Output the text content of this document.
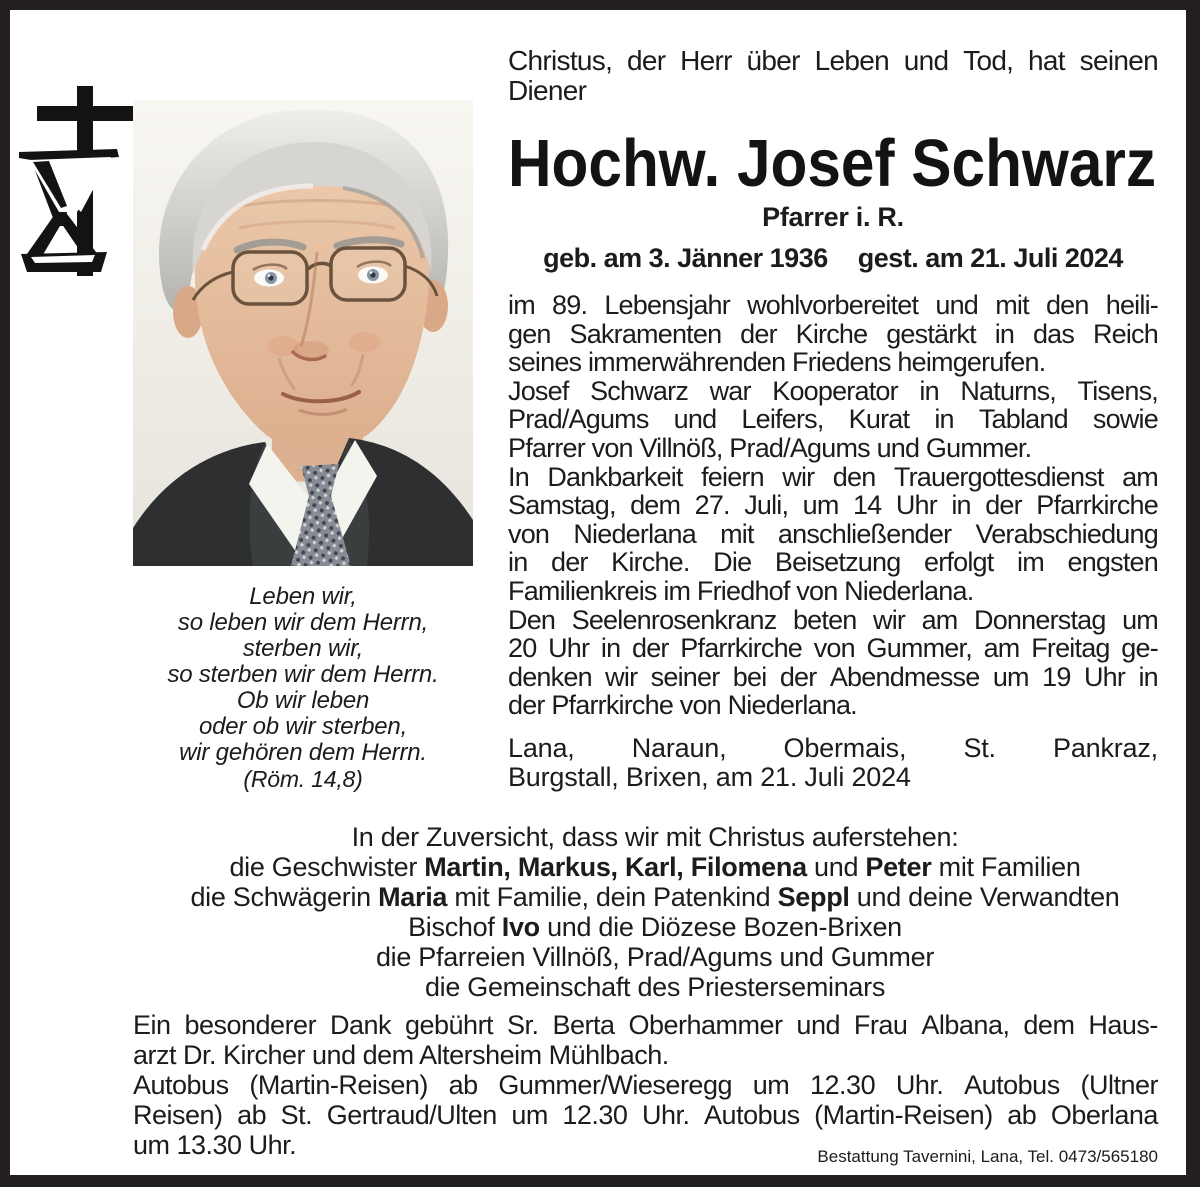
Leben wir,
so leben wir dem Herrn,
sterben wir,
so sterben wir dem Herrn.
Ob wir leben
oder ob wir sterben,
wir gehören dem Herrn.
(Röm. 14,8)
Christus, der Herr über Leben und Tod, hat seinen
Diener
Hochw. Josef Schwarz
Pfarrer i. R.
geb. am 3. Jänner 1936 gest. am 21. Juli 2024
im 89. Lebensjahr wohlvorbereitet und mit den heili-
gen Sakramenten der Kirche gestärkt in das Reich
seines immerwährenden Friedens heimgerufen.
Josef Schwarz war Kooperator in Naturns, Tisens,
Prad/Agums und Leifers, Kurat in Tabland sowie
Pfarrer von Villnöß, Prad/Agums und Gummer.
In Dankbarkeit feiern wir den Trauergottesdienst am
Samstag, dem 27. Juli, um 14 Uhr in der Pfarrkirche
von Niederlana mit anschließender Verabschiedung
in der Kirche. Die Beisetzung erfolgt im engsten
Familienkreis im Friedhof von Niederlana.
Den Seelenrosenkranz beten wir am Donnerstag um
20 Uhr in der Pfarrkirche von Gummer, am Freitag ge-
denken wir seiner bei der Abendmesse um 19 Uhr in
der Pfarrkirche von Niederlana.
Lana, Naraun, Obermais, St. Pankraz,
Burgstall, Brixen, am 21. Juli 2024
In der Zuversicht, dass wir mit Christus auferstehen:
die Geschwister Martin, Markus, Karl, Filomena und Peter mit Familien
die Schwägerin Maria mit Familie, dein Patenkind Seppl und deine Verwandten
Bischof Ivo und die Diözese Bozen-Brixen
die Pfarreien Villnöß, Prad/Agums und Gummer
die Gemeinschaft des Priesterseminars
Ein besonderer Dank gebührt Sr. Berta Oberhammer und Frau Albana, dem Haus-
arzt Dr. Kircher und dem Altersheim Mühlbach.
Autobus (Martin-Reisen) ab Gummer/Wieseregg um 12.30 Uhr. Autobus (Ultner
Reisen) ab St. Gertraud/Ulten um 12.30 Uhr. Autobus (Martin-Reisen) ab Oberlana
um 13.30 Uhr.	Bestattung Tavernini, Lana, Tel. 0473/565180
